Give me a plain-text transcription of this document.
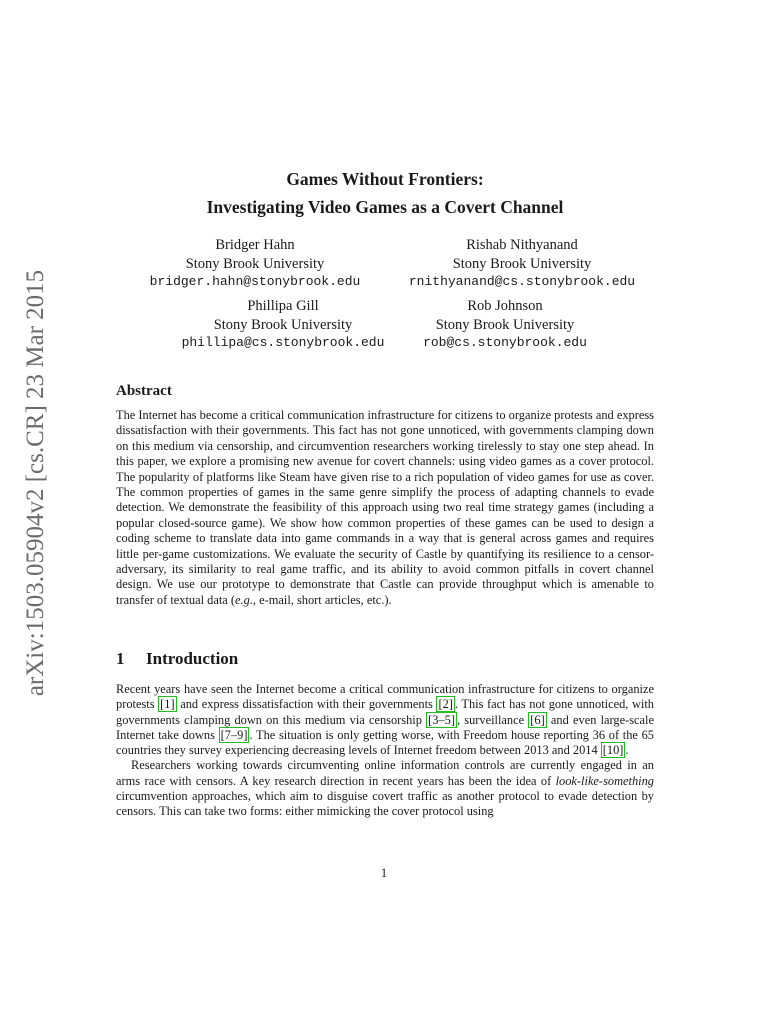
arXiv:1503.05904v2 [cs.CR] 23 Mar 2015
Games Without Frontiers:
Investigating Video Games as a Covert Channel
Bridger Hahn
Stony Brook University
bridger.hahn@stonybrook.edu
Rishab Nithyanand
Stony Brook University
rnithyanand@cs.stonybrook.edu
Phillipa Gill
Stony Brook University
phillipa@cs.stonybrook.edu
Rob Johnson
Stony Brook University
rob@cs.stonybrook.edu
Abstract
The Internet has become a critical communication infrastructure for citizens to organize protests and express dissatisfaction with their governments. This fact has not gone unnoticed, with governments clamping down on this medium via censorship, and circumvention researchers working tirelessly to stay one step ahead. In this paper, we explore a promising new avenue for covert channels: using video games as a cover protocol. The popularity of platforms like Steam have given rise to a rich population of video games for use as cover. The common properties of games in the same genre simplify the process of adapting channels to evade detection. We demonstrate the feasibility of this approach using two real time strategy games (including a popular closed-source game). We show how common properties of these games can be used to design a coding scheme to translate data into game commands in a way that is general across games and requires little per-game customizations. We evaluate the security of Castle by quantifying its resilience to a censor-adversary, its similarity to real game traffic, and its ability to avoid common pitfalls in covert channel design. We use our prototype to demonstrate that Castle can provide throughput which is amenable to transfer of textual data (e.g., e-mail, short articles, etc.).
1 Introduction

Recent years have seen the Internet become a critical communication infrastructure for citizens to organize protests [1] and express dissatisfaction with their governments [2] . This fact has not gone unnoticed, with governments clamping down on this medium via censorship [3–5] , surveillance [6] and even large-scale Internet take downs [7–9] . The situation is only getting worse, with Freedom house reporting 36 of the 65 countries they survey experiencing decreasing levels of Internet freedom between 2013 and 2014 [10] .

Researchers working towards circumventing online information controls are currently engaged in an arms race with censors. A key research direction in recent years has been the idea of look-like-something circumvention approaches, which aim to disguise covert traffic as another protocol to evade detection by censors. This can take two forms: either mimicking the cover protocol using

1
